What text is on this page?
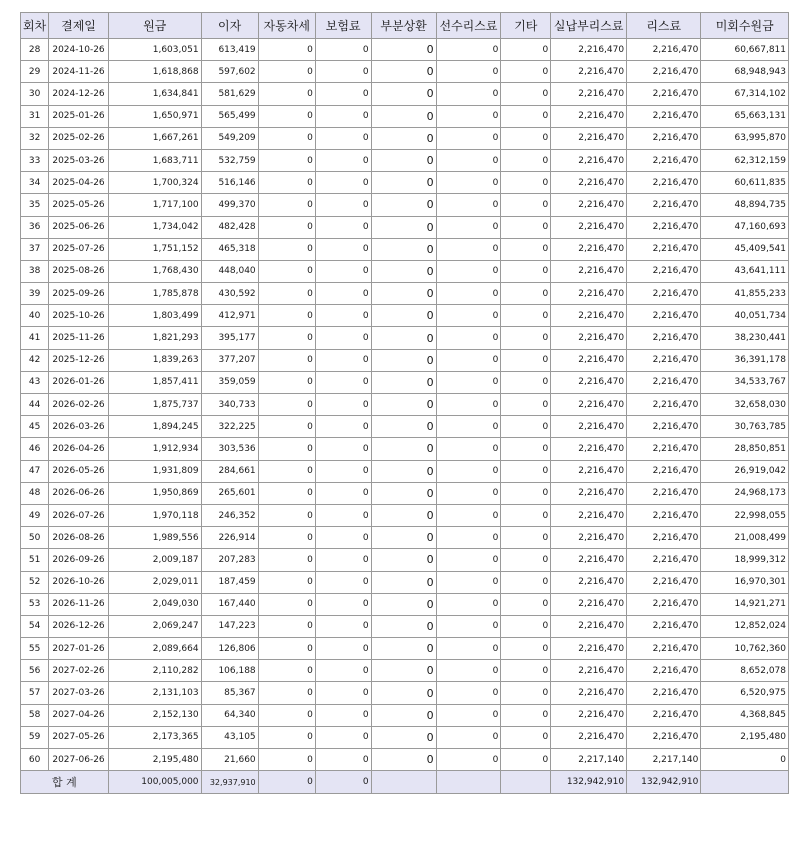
회차	결제일	원금	이자	자동차세	보험료	부분상환	선수리스료	기타	실납부리스료	리스료	미회수원금
28	2024-10-26	1,603,051	613,419	0	0	0	0	0	2,216,470	2,216,470	60,667,811
29	2024-11-26	1,618,868	597,602	0	0	0	0	0	2,216,470	2,216,470	68,948,943
30	2024-12-26	1,634,841	581,629	0	0	0	0	0	2,216,470	2,216,470	67,314,102
31	2025-01-26	1,650,971	565,499	0	0	0	0	0	2,216,470	2,216,470	65,663,131
32	2025-02-26	1,667,261	549,209	0	0	0	0	0	2,216,470	2,216,470	63,995,870
33	2025-03-26	1,683,711	532,759	0	0	0	0	0	2,216,470	2,216,470	62,312,159
34	2025-04-26	1,700,324	516,146	0	0	0	0	0	2,216,470	2,216,470	60,611,835
35	2025-05-26	1,717,100	499,370	0	0	0	0	0	2,216,470	2,216,470	48,894,735
36	2025-06-26	1,734,042	482,428	0	0	0	0	0	2,216,470	2,216,470	47,160,693
37	2025-07-26	1,751,152	465,318	0	0	0	0	0	2,216,470	2,216,470	45,409,541
38	2025-08-26	1,768,430	448,040	0	0	0	0	0	2,216,470	2,216,470	43,641,111
39	2025-09-26	1,785,878	430,592	0	0	0	0	0	2,216,470	2,216,470	41,855,233
40	2025-10-26	1,803,499	412,971	0	0	0	0	0	2,216,470	2,216,470	40,051,734
41	2025-11-26	1,821,293	395,177	0	0	0	0	0	2,216,470	2,216,470	38,230,441
42	2025-12-26	1,839,263	377,207	0	0	0	0	0	2,216,470	2,216,470	36,391,178
43	2026-01-26	1,857,411	359,059	0	0	0	0	0	2,216,470	2,216,470	34,533,767
44	2026-02-26	1,875,737	340,733	0	0	0	0	0	2,216,470	2,216,470	32,658,030
45	2026-03-26	1,894,245	322,225	0	0	0	0	0	2,216,470	2,216,470	30,763,785
46	2026-04-26	1,912,934	303,536	0	0	0	0	0	2,216,470	2,216,470	28,850,851
47	2026-05-26	1,931,809	284,661	0	0	0	0	0	2,216,470	2,216,470	26,919,042
48	2026-06-26	1,950,869	265,601	0	0	0	0	0	2,216,470	2,216,470	24,968,173
49	2026-07-26	1,970,118	246,352	0	0	0	0	0	2,216,470	2,216,470	22,998,055
50	2026-08-26	1,989,556	226,914	0	0	0	0	0	2,216,470	2,216,470	21,008,499
51	2026-09-26	2,009,187	207,283	0	0	0	0	0	2,216,470	2,216,470	18,999,312
52	2026-10-26	2,029,011	187,459	0	0	0	0	0	2,216,470	2,216,470	16,970,301
53	2026-11-26	2,049,030	167,440	0	0	0	0	0	2,216,470	2,216,470	14,921,271
54	2026-12-26	2,069,247	147,223	0	0	0	0	0	2,216,470	2,216,470	12,852,024
55	2027-01-26	2,089,664	126,806	0	0	0	0	0	2,216,470	2,216,470	10,762,360
56	2027-02-26	2,110,282	106,188	0	0	0	0	0	2,216,470	2,216,470	8,652,078
57	2027-03-26	2,131,103	85,367	0	0	0	0	0	2,216,470	2,216,470	6,520,975
58	2027-04-26	2,152,130	64,340	0	0	0	0	0	2,216,470	2,216,470	4,368,845
59	2027-05-26	2,173,365	43,105	0	0	0	0	0	2,216,470	2,216,470	2,195,480
60	2027-06-26	2,195,480	21,660	0	0	0	0	0	2,217,140	2,217,140	0
합 계		100,005,000	32,937,910	0	0				132,942,910	132,942,910	
